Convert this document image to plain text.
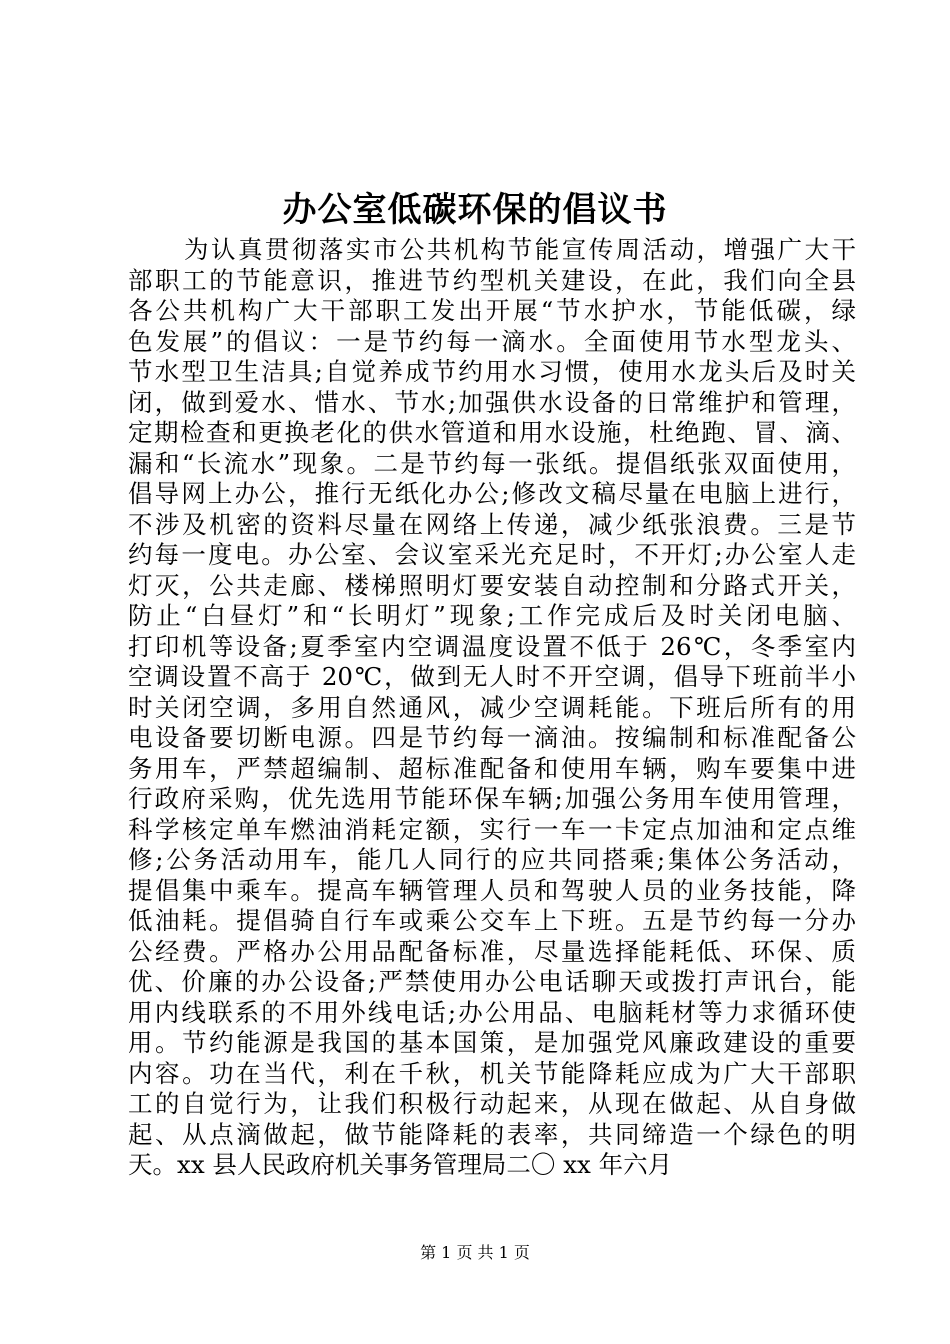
办公室低碳环保的倡议书
为认真贯彻落实市公共机构节能宣传周活动，增强广大干
部职工的节能意识，推进节约型机关建设，在此，我们向全县
各公共机构广大干部职工发出开展“节水护水，节能低碳，绿
色发展”的倡议：一是节约每一滴水。全面使用节水型龙头、
节水型卫生洁具;自觉养成节约用水习惯，使用水龙头后及时关
闭，做到爱水、惜水、节水;加强供水设备的日常维护和管理，
定期检查和更换老化的供水管道和用水设施，杜绝跑、冒、滴、
漏和“长流水”现象。二是节约每一张纸。提倡纸张双面使用，
倡导网上办公，推行无纸化办公;修改文稿尽量在电脑上进行，
不涉及机密的资料尽量在网络上传递，减少纸张浪费。三是节
约每一度电。办公室、会议室采光充足时，不开灯;办公室人走
灯灭，公共走廊、楼梯照明灯要安装自动控制和分路式开关，
防止“白昼灯”和“长明灯”现象;工作完成后及时关闭电脑、
打印机等设备;夏季室内空调温度设置不低于 26℃，冬季室内
空调设置不高于 20℃，做到无人时不开空调，倡导下班前半小
时关闭空调，多用自然通风，减少空调耗能。下班后所有的用
电设备要切断电源。四是节约每一滴油。按编制和标准配备公
务用车，严禁超编制、超标准配备和使用车辆，购车要集中进
行政府采购，优先选用节能环保车辆;加强公务用车使用管理，
科学核定单车燃油消耗定额，实行一车一卡定点加油和定点维
修;公务活动用车，能几人同行的应共同搭乘;集体公务活动，
提倡集中乘车。提高车辆管理人员和驾驶人员的业务技能，降
低油耗。提倡骑自行车或乘公交车上下班。五是节约每一分办
公经费。严格办公用品配备标准，尽量选择能耗低、环保、质
优、价廉的办公设备;严禁使用办公电话聊天或拨打声讯台，能
用内线联系的不用外线电话;办公用品、电脑耗材等力求循环使
用。节约能源是我国的基本国策，是加强党风廉政建设的重要
内容。功在当代，利在千秋，机关节能降耗应成为广大干部职
工的自觉行为，让我们积极行动起来，从现在做起、从自身做
起、从点滴做起，做节能降耗的表率，共同缔造一个绿色的明
天。xx 县人民政府机关事务管理局二〇 xx 年六月
第 1 页 共 1 页
